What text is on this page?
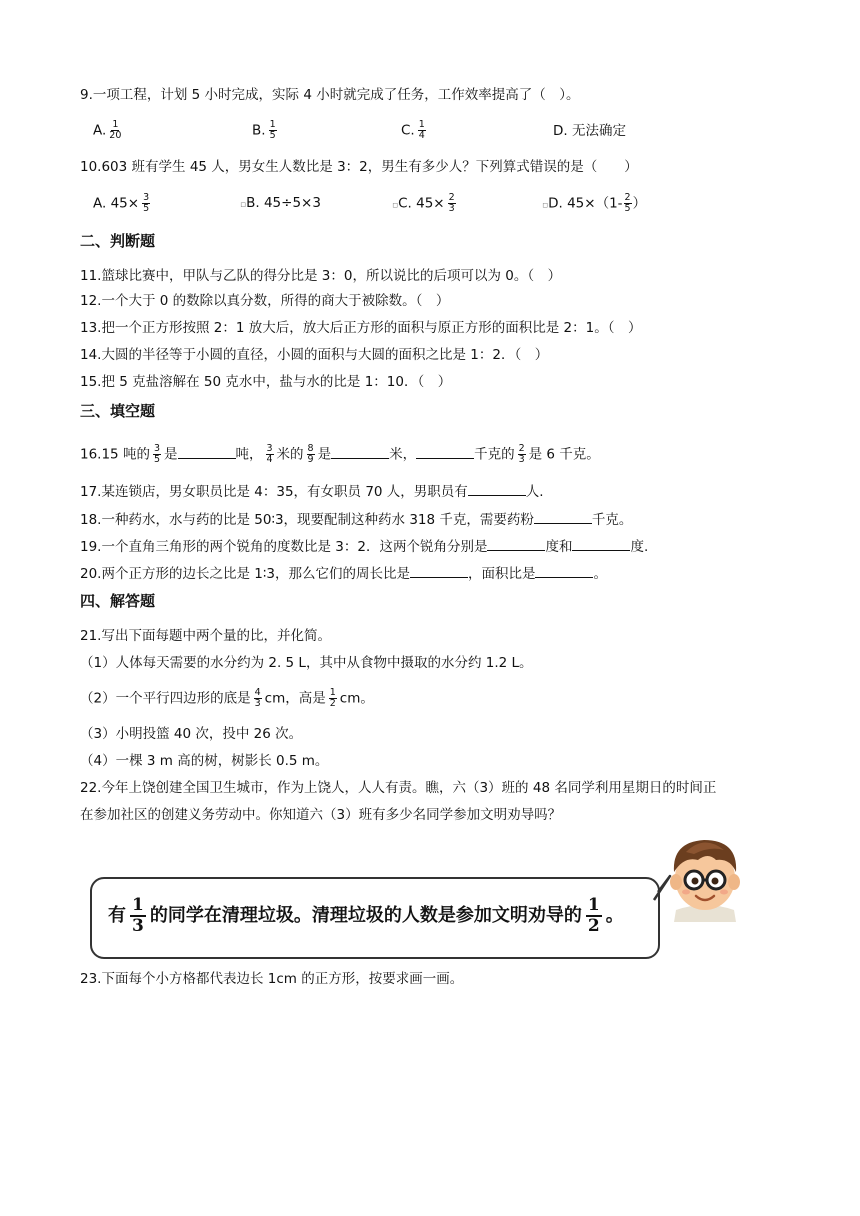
9.一项工程，计划 5 小时完成，实际 4 小时就完成了任务，工作效率提高了（　）。
A. $\frac{1}{20}$	B. $\frac{1}{5}$	C. $\frac{1}{4}$	D. 无法确定
10.603 班有学生 45 人，男女生人数比是 3：2，男生有多少人？下列算式错误的是（　　）
A. $45\times \frac{3}{5}$	▫B. 45÷5×3	▫C. $45\times \frac{2}{3}$	▫D. $45\times(1- \frac{2}{5}$ ）
二、判断题
11.篮球比赛中，甲队与乙队的得分比是 3：0，所以说比的后项可以为 0。（　）
12.一个大于 0 的数除以真分数，所得的商大于被除数。（　）
13.把一个正方形按照 2：1 放大后，放大后正方形的面积与原正方形的面积比是 2：1。（　）
14.大圆的半径等于小圆的直径，小圆的面积与大圆的面积之比是 1：2．（　）
15.把 5 克盐溶解在 50 克水中，盐与水的比是 1：10．（　）
三、填空题
16.15 吨的 $\frac{3}{5}$ 是	吨， $\frac{3}{4}$ 米的 $\frac{8}{9}$ 是	米，	千克的 $\frac{2}{3}$ 是 6 千克。
17.某连锁店，男女职员比是 4：35，有女职员 70 人，男职员有	人.
18.一种药水，水与药的比是 50∶3，现要配制这种药水 318 千克，需要药粉	千克。
19.一个直角三角形的两个锐角的度数比是 3：2．这两个锐角分别是	度和	度.
20.两个正方形的边长之比是 1∶3，那么它们的周长比是	，面积比是	。
四、解答题
21.写出下面每题中两个量的比，并化简。
（1）人体每天需要的水分约为 2. 5 L，其中从食物中摄取的水分约 1.2 L。
（2）一个平行四边形的底是 $\frac{4}{3}$ cm，高是 $\frac{1}{2}$ cm。
（3）小明投篮 40 次，投中 26 次。
（4）一棵 3 m 高的树，树影长 0.5 m。
22.今年上饶创建全国卫生城市，作为上饶人，人人有责。瞧，六（3）班的 48 名同学利用星期日的时间正
在参加社区的创建义务劳动中。你知道六（3）班有多少名同学参加文明劝导吗？
有 $\frac{1}{3}$ 的同学在清理垃圾。清理垃圾的人数是参加文明劝导的 $\frac{1}{2}$ 。
23.下面每个小方格都代表边长 1cm 的正方形，按要求画一画。
